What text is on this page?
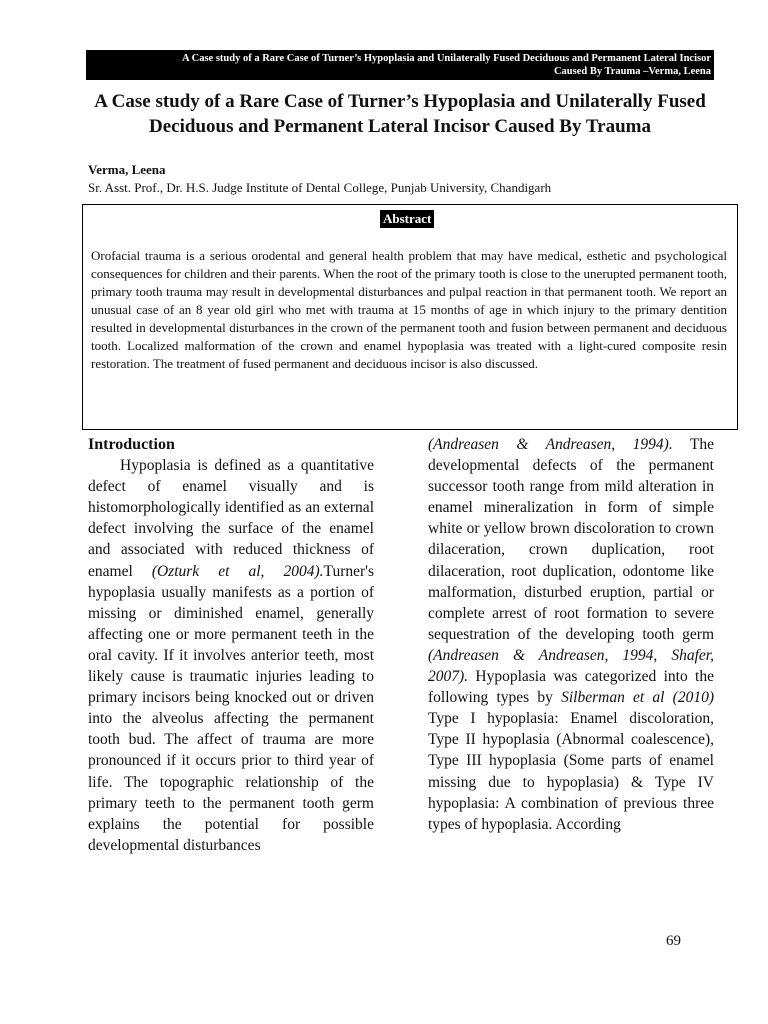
A Case study of a Rare Case of Turner’s Hypoplasia and Unilaterally Fused Deciduous and Permanent Lateral Incisor
Caused By Trauma –Verma, Leena
A Case study of a Rare Case of Turner’s Hypoplasia and Unilaterally Fused Deciduous and Permanent Lateral Incisor Caused By Trauma
Verma, Leena
Sr. Asst. Prof., Dr. H.S. Judge Institute of Dental College, Punjab University, Chandigarh
Abstract

Orofacial trauma is a serious orodental and general health problem that may have medical, esthetic and psychological consequences for children and their parents. When the root of the primary tooth is close to the unerupted permanent tooth, primary tooth trauma may result in developmental disturbances and pulpal reaction in that permanent tooth. We report an unusual case of an 8 year old girl who met with trauma at 15 months of age in which injury to the primary dentition resulted in developmental disturbances in the crown of the permanent tooth and fusion between permanent and deciduous tooth. Localized malformation of the crown and enamel hypoplasia was treated with a light-cured composite resin restoration. The treatment of fused permanent and deciduous incisor is also discussed.

Introduction

Hypoplasia is defined as a quantitative defect of enamel visually and is histomorphologically identified as an external defect involving the surface of the enamel and associated with reduced thickness of enamel (Ozturk et al, 2004).Turner's hypoplasia usually manifests as a portion of missing or diminished enamel, generally affecting one or more permanent teeth in the oral cavity. If it involves anterior teeth, most likely cause is traumatic injuries leading to primary incisors being knocked out or driven into the alveolus affecting the permanent tooth bud. The affect of trauma are more pronounced if it occurs prior to third year of life. The topographic relationship of the primary teeth to the permanent tooth germ explains the potential for possible developmental disturbances

(Andreasen & Andreasen, 1994). The developmental defects of the permanent successor tooth range from mild alteration in enamel mineralization in form of simple white or yellow brown discoloration to crown dilaceration, crown duplication, root dilaceration, root duplication, odontome like malformation, disturbed eruption, partial or complete arrest of root formation to severe sequestration of the developing tooth germ (Andreasen & Andreasen, 1994, Shafer, 2007). Hypoplasia was categorized into the following types by Silberman et al (2010) Type I hypoplasia: Enamel discoloration, Type II hypoplasia (Abnormal coalescence), Type III hypoplasia (Some parts of enamel missing due to hypoplasia) & Type IV hypoplasia: A combination of previous three types of hypoplasia. According

69
